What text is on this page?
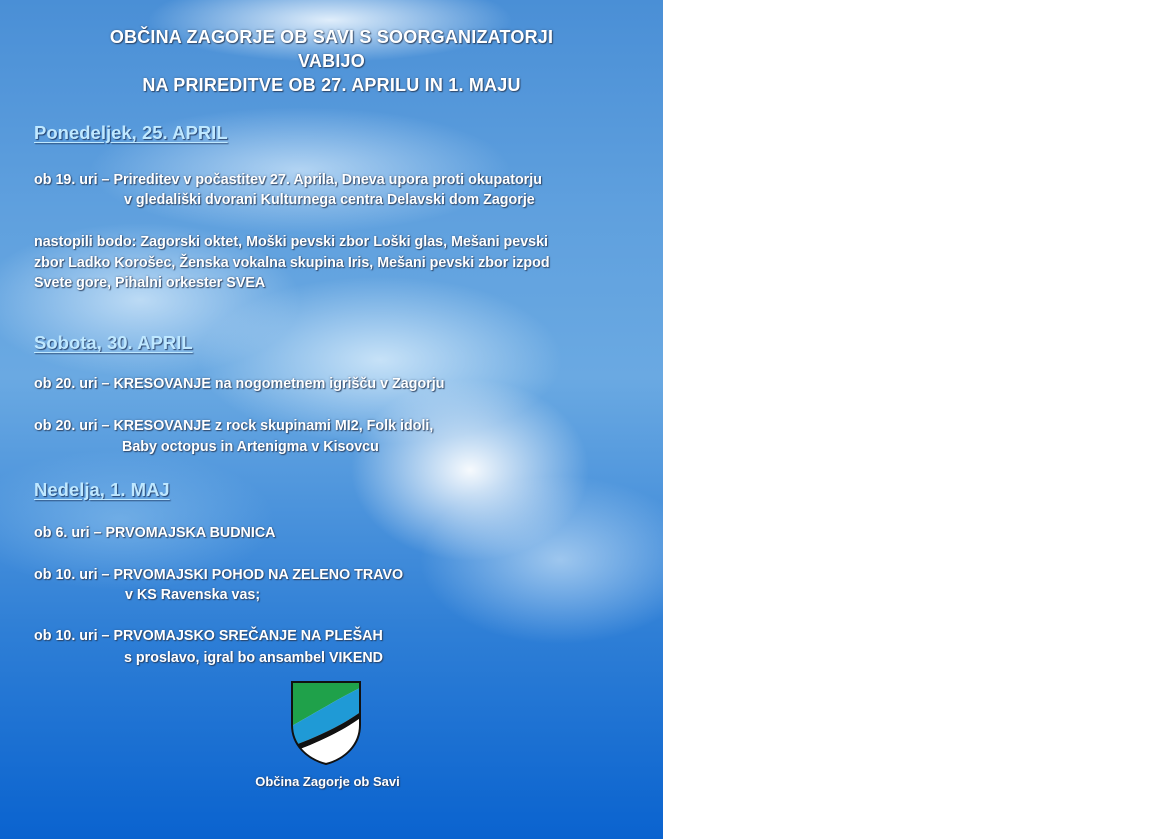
OBČINA ZAGORJE OB SAVI S SOORGANIZATORJI
VABIJO
NA PRIREDITVE OB 27. APRILU IN 1. MAJU
Ponedeljek, 25. APRIL
ob 19. uri – Prireditev v počastitev 27. Aprila, Dneva upora proti okupatorju
v gledališki dvorani Kulturnega centra Delavski dom Zagorje
nastopili bodo: Zagorski oktet, Moški pevski zbor Loški glas, Mešani pevski
zbor Ladko Korošec, Ženska vokalna skupina Iris, Mešani pevski zbor izpod
Svete gore, Pihalni orkester SVEA
Sobota, 30. APRIL
ob 20. uri – KRESOVANJE na nogometnem igrišču v Zagorju
ob 20. uri – KRESOVANJE z rock skupinami MI2, Folk idoli,
Baby octopus in Artenigma v Kisovcu
Nedelja, 1. MAJ
ob 6. uri – PRVOMAJSKA BUDNICA
ob 10. uri – PRVOMAJSKI POHOD NA ZELENO TRAVO
v KS Ravenska vas;
ob 10. uri – PRVOMAJSKO SREČANJE NA PLEŠAH
s proslavo, igral bo ansambel VIKEND
Občina Zagorje ob Savi
